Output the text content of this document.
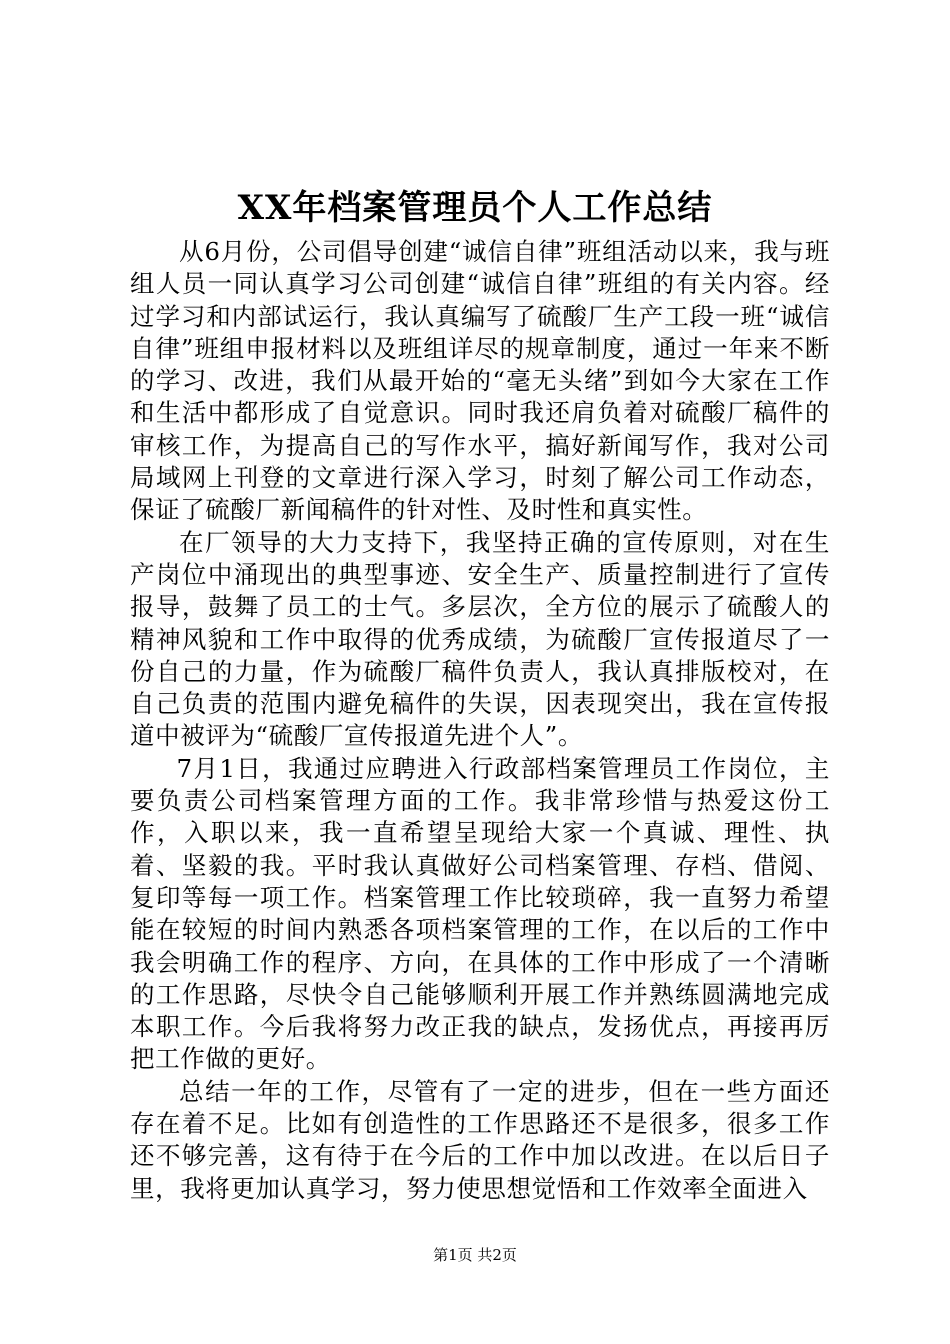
XX年档案管理员个人工作总结

从6月份，公司倡导创建“诚信自律”班组活动以来，我与班组人员一同认真学习公司创建“诚信自律”班组的有关内容。经过学习和内部试运行，我认真编写了硫酸厂生产工段一班“诚信自律”班组申报材料以及班组详尽的规章制度，通过一年来不断的学习、改进，我们从最开始的“毫无头绪”到如今大家在工作和生活中都形成了自觉意识。同时我还肩负着对硫酸厂稿件的审核工作，为提高自己的写作水平，搞好新闻写作，我对公司局域网上刊登的文章进行深入学习，时刻了解公司工作动态，保证了硫酸厂新闻稿件的针对性、及时性和真实性。

在厂领导的大力支持下，我坚持正确的宣传原则，对在生产岗位中涌现出的典型事迹、安全生产、质量控制进行了宣传报导，鼓舞了员工的士气。多层次，全方位的展示了硫酸人的精神风貌和工作中取得的优秀成绩，为硫酸厂宣传报道尽了一份自己的力量，作为硫酸厂稿件负责人，我认真排版校对，在自己负责的范围内避免稿件的失误，因表现突出，我在宣传报道中被评为“硫酸厂宣传报道先进个人”。

7月1日，我通过应聘进入行政部档案管理员工作岗位，主要负责公司档案管理方面的工作。我非常珍惜与热爱这份工作，入职以来，我一直希望呈现给大家一个真诚、理性、执着、坚毅的我。平时我认真做好公司档案管理、存档、借阅、复印等每一项工作。档案管理工作比较琐碎，我一直努力希望能在较短的时间内熟悉各项档案管理的工作，在以后的工作中我会明确工作的程序、方向，在具体的工作中形成了一个清晰的工作思路，尽快令自己能够顺利开展工作并熟练圆满地完成本职工作。今后我将努力改正我的缺点，发扬优点，再接再厉把工作做的更好。

总结一年的工作，尽管有了一定的进步，但在一些方面还存在着不足。比如有创造性的工作思路还不是很多，很多工作还不够完善，这有待于在今后的工作中加以改进。在以后日子里，我将更加认真学习，努力使思想觉悟和工作效率全面进入

第1页 共2页
